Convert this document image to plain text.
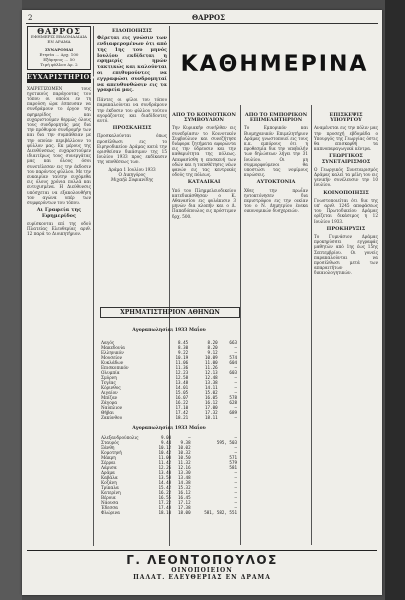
2	ΘΑΡΡΟΣ
ΘΑΡΡΟΣ
ΕΦΗΜΕΡΙΣ ΕΒΔΟΜΑΔΙΑΙΑ
ΕΝ ΔΡΑΜΑ
ΣΥΝΔΡΟΜΑΙ
Ετησία … Δρχ. 100
Εξάμηνος … 50
Τιμή φύλλου Δρ. 2
ΕΥΧΑΡΙΣΤΗΡΙΟΝ
ΧΑΙΡΕΤΙΖΟΜΕΝ τους ηγετικούς παράγοντας του τόπου οι οποίοι εν τη παρούση ώρα έσπευσαν να συνδράμουν το έργον της εφημερίδος και ευχαριστούμεν θερμώς όλους τους συνδρομητάς μας δια την πρόθυμον συνδρομήν των και δια την συμπάθειαν με την οποίαν περιβάλλουν το φύλλον μας. Εκ μέρους της Διευθύνσεως ευχαριστούμεν ιδιαιτέρως τους συνεργάτας μας και όλους όσοι συνετέλεσαν εις την έκδοσιν του παρόντος φύλλου. Με την ευκαιρίαν ταύτην ευχόμεθα εις όλους χρόνια πολλά και ευτυχισμένα. Η Διεύθυνσις υπόσχεται να εξακολουθήση τον αγώνα υπέρ των συμφερόντων του τόπου.
Αι Γραφεία της Εφημερίδος
ευρίσκονται επί της οδού Πλατείας Ελευθερίας αριθ. 12 παρά το Διοικητήριον.
ΕΙΔΟΠΟΙΗΣΙΣ
Φέρεται εις γνώσιν των ενδιαφερομένων ότι από της 1ης του μηνός Ιουλίου εκδίδεται η εφημερίς ημών τακτικώς και καλούνται οι επιθυμούντες να εγγραφώσι συνδρομηταί να απευθυνθώσιν εις τα γραφεία μας.
Πάντες οι φίλοι του τόπου παρακαλούνται να συνδράμουν την έκδοσιν του φύλλου τούτου αγοράζοντες και διαδίδοντες αυτό.
ΠΡΟΣΚΛΗΣΙΣ
Προσκαλούνται όπως προσέλθωσι εις το Ειρηνοδικείον Δράμας κατά την ορισθείσαν δικάσιμον της 15 Ιουλίου 1933 προς εκδίκασιν της υποθέσεως των.
Δράμα 1 Ιουλίου 1933
Ο Δικηγόρος
Μιχαήλ Σοφιανίδης
ΚΑΘΗΜΕΡΙΝΑ
ΑΠΟ ΤΟ ΚΟΙΝΟΤΙΚΟΝ ΣΥΜΒΟΥΛΙΟΝ
Την Κυριακήν συνήλθεν εις συνεδρίασιν το Κοινοτικόν Συμβούλιον και συνεζήτησε διάφορα ζητήματα αφορώντα εις την ύδρευσιν και την καθαριότητα της πόλεως. Απεφασίσθη η επισκευή των οδών και η τοποθέτησις νέων φανών εις τας κεντρικάς οδούς της πόλεως.
ΚΑΤΑΔΙΚΑΙ
Υπό του Πλημμελειοδικείου κατεδικάσθησαν ο Κ. Αθανασίου εις φυλάκισιν 3 μηνών δια κλοπήν και ο Δ. Παπαδόπουλος εις πρόστιμον δρχ. 500.
ΑΠΟ ΤΟ ΕΜΠΟΡΙΚΟΝ ΕΠΙΜΕΛΗΤΗΡΙΟΝ
Το Εμπορικόν και Βιομηχανικόν Επιμελητήριον Δράμας γνωστοποιεί εις τους κ.κ. εμπόρους ότι η προθεσμία δια την υποβολήν των δηλώσεων λήγει την 31 Ιουλίου. Οι μη συμμορφούμενοι θα υποστώσι τας νομίμους κυρώσεις.
ΑΥΤΟΚΤΟΝΙΑ
Χθες την πρωΐαν ηυτοκτόνησεν δια περιστρόφου εις την οικίαν του ο Ν. Δημητρίου ένεκα οικονομικών δυσχερειών.
ΕΠΙΣΚΕΨΙΣ ΥΠΟΥΡΓΟΥ
Αναμένεται εις την πόλιν μας την προσεχή εβδομάδα ο Υπουργός της Γεωργίας όστις θα επισκεφθή τα καπνοπαραγωγικά κέντρα.
ΓΕΩΡΓΙΚΟΣ ΣΥΝΕΤΑΙΡΙΣΜΟΣ
Ο Γεωργικός Συνεταιρισμός Δράμας καλεί τα μέλη του εις γενικήν συνέλευσιν την 10 Ιουλίου.
ΚΟΙΝΟΠΟΙΗΣΙΣ
Γνωστοποιείται ότι δια της υπ' αριθ. 1245 αποφάσεως του Πρωτοδικείου Δράμας ορίζεται δικάσιμος η 12 Ιουλίου 1933.
ΠΡΟΚΗΡΥΞΙΣ
Το Γυμνάσιον Δράμας προκηρύσσει εγγραφάς μαθητών από 1ης έως 15ης Σεπτεμβρίου. Οι γονείς παρακαλούνται να προσέλθωσι μετά των απαραιτήτων δικαιολογητικών.
ΧΡΗΜΑΤΙΣΤΗΡΙΟΝ ΑΘΗΝΩΝ
Αγοραπωλησίαι 1933 Μαΐου
Λαγός	8.45	8.20	663
Μακεδονία	8.30	8.20	—
Ελληνικόν	9.22	9.12	—
Μουσείον	10.19	10.09	574
Κυκλάδων	11.06	11.00	604
Επισκοπικόν	11.36	11.26	—
Ολυμπία	12.23	12.13	603
Σμύρνη	12.58	12.48	—
Τεγέας	13.48	13.38	—
Κόρινθος	14.01	14.11	—
Αιγαίον	15.05	15.02	—
Μπίζαν	16.07	16.05	578
Ζάγορα	16.22	16.12	628
Ναύπλιον	17.10	17.00	—
Θήβαι	17.42	17.32	689
Ζακύνθου	18.21	18.11	—
Αγοραπωλησίαι 1933 Μαΐου
Αλεξανδρούπολις	9.00	—	—
Σταυρός	9.44	9.38	595, 503
Ξάνθη	10.12	10.02	—
Κομοτηνή	10.42	10.32	—
Μάκρη	11.00	10.50	571
Σέρραι	11.42	11.32	579
Λάρισα	12.26	12.16	581
Δράμα	13.40	13.30	—
Καβάλα	13.58	13.48	—
Κοζάνη	14.48	14.38	—
Τρίκαλα	15.42	15.32	—
Κατερίνη	16.22	16.12	—
Βέροια	16.55	16.45	—
Νάουσα	17.22	17.12	—
Έδεσσα	17.48	17.38	—
Φλώρινα	18.10	18.00	581, 582, 551
Γ. ΛΕΟΝΤΟΠΟΥΛΟΣ
ΟΙΝΟΠΟΙΕΙΟΝ
ΠΑΛΑΤ. ΕΛΕΥΘΕΡΙΑΣ ΕΝ ΔΡΑΜΑ
